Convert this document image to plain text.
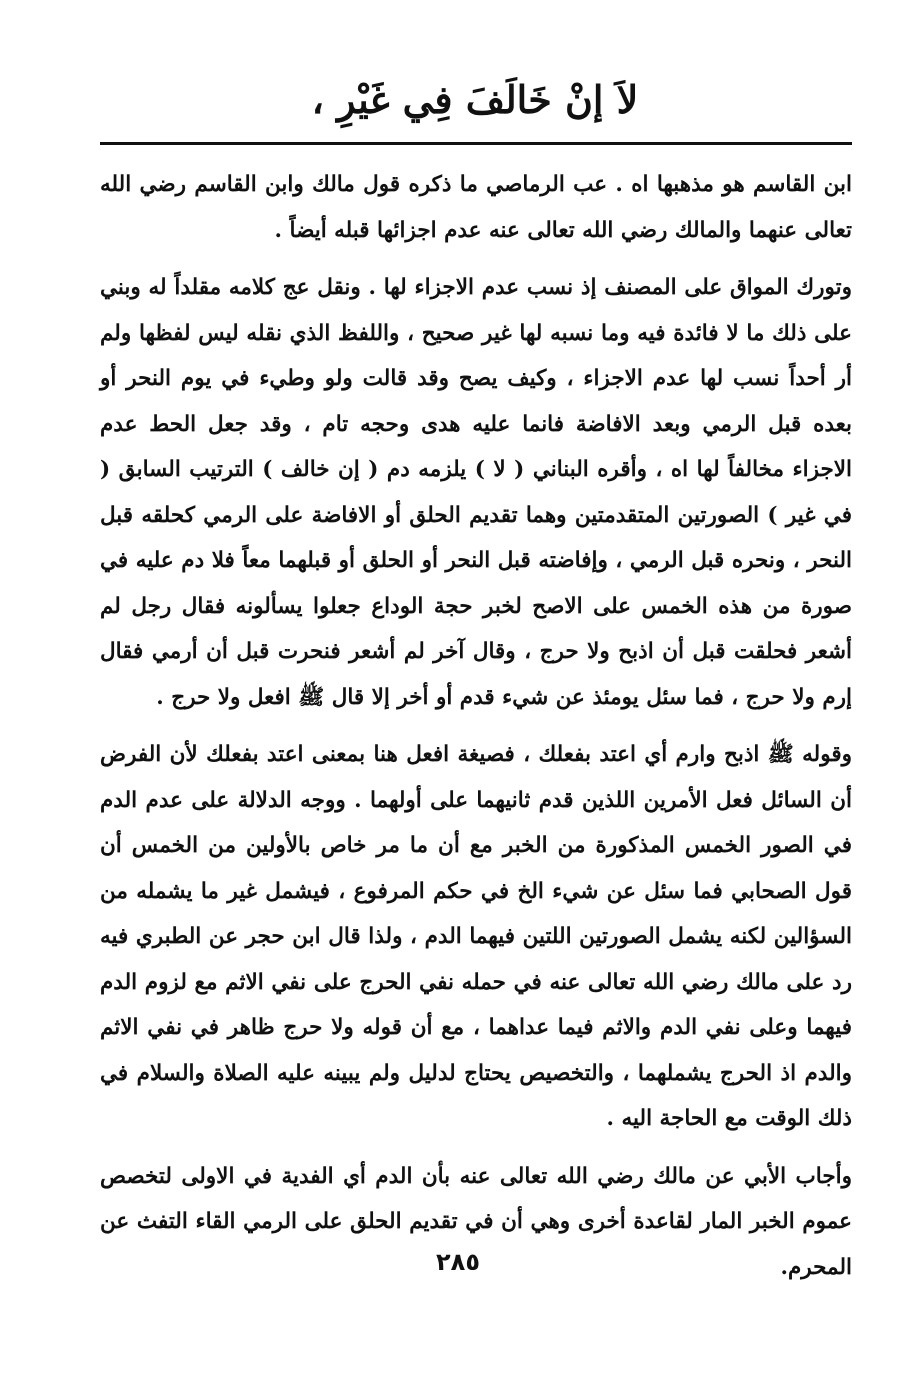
لاَ إنْ خَالَفَ فِي غَيْرِ ،

ابن القاسم هو مذهبها اه . عب الرماصي ما ذكره قول مالك وابن القاسم رضي الله تعالى عنهما والمالك رضي الله تعالى عنه عدم اجزائها قبله أيضاً .

وتورك المواق على المصنف إذ نسب عدم الاجزاء لها . ونقل عج كلامه مقلداً له وبني على ذلك ما لا فائدة فيه وما نسبه لها غير صحيح ، واللفظ الذي نقله ليس لفظها ولم أر أحداً نسب لها عدم الاجزاء ، وكيف يصح وقد قالت ولو وطيء في يوم النحر أو بعده قبل الرمي وبعد الافاضة فانما عليه هدى وحجه تام ، وقد جعل الحط عدم الاجزاء مخالفاً لها اه ، وأقره البناني ( لا ) يلزمه دم ( إن خالف ) الترتيب السابق ( في غير ) الصورتين المتقدمتين وهما تقديم الحلق أو الافاضة على الرمي كحلقه قبل النحر ، ونحره قبل الرمي ، وإفاضته قبل النحر أو الحلق أو قبلهما معاً فلا دم عليه في صورة من هذه الخمس على الاصح لخبر حجة الوداع جعلوا يسألونه فقال رجل لم أشعر فحلقت قبل أن اذبح ولا حرج ، وقال آخر لم أشعر فنحرت قبل أن أرمي فقال إرم ولا حرج ، فما سئل يومئذ عن شيء قدم أو أخر إلا قال ﷺ افعل ولا حرج .

وقوله ﷺ اذبح وارم أي اعتد بفعلك ، فصيغة افعل هنا بمعنى اعتد بفعلك لأن الفرض أن السائل فعل الأمرين اللذين قدم ثانيهما على أولهما . ووجه الدلالة على عدم الدم في الصور الخمس المذكورة من الخبر مع أن ما مر خاص بالأولين من الخمس أن قول الصحابي فما سئل عن شيء الخ في حكم المرفوع ، فيشمل غير ما يشمله من السؤالين لكنه يشمل الصورتين اللتين فيهما الدم ، ولذا قال ابن حجر عن الطبري فيه رد على مالك رضي الله تعالى عنه في حمله نفي الحرج على نفي الاثم مع لزوم الدم فيهما وعلى نفي الدم والاثم فيما عداهما ، مع أن قوله ولا حرج ظاهر في نفي الاثم والدم اذ الحرج يشملهما ، والتخصيص يحتاج لدليل ولم يبينه عليه الصلاة والسلام في ذلك الوقت مع الحاجة اليه .

وأجاب الأبي عن مالك رضي الله تعالى عنه بأن الدم أي الفدية في الاولى لتخصص عموم الخبر المار لقاعدة أخرى وهي أن في تقديم الحلق على الرمي القاء التفث عن المحرم.

٢٨٥
